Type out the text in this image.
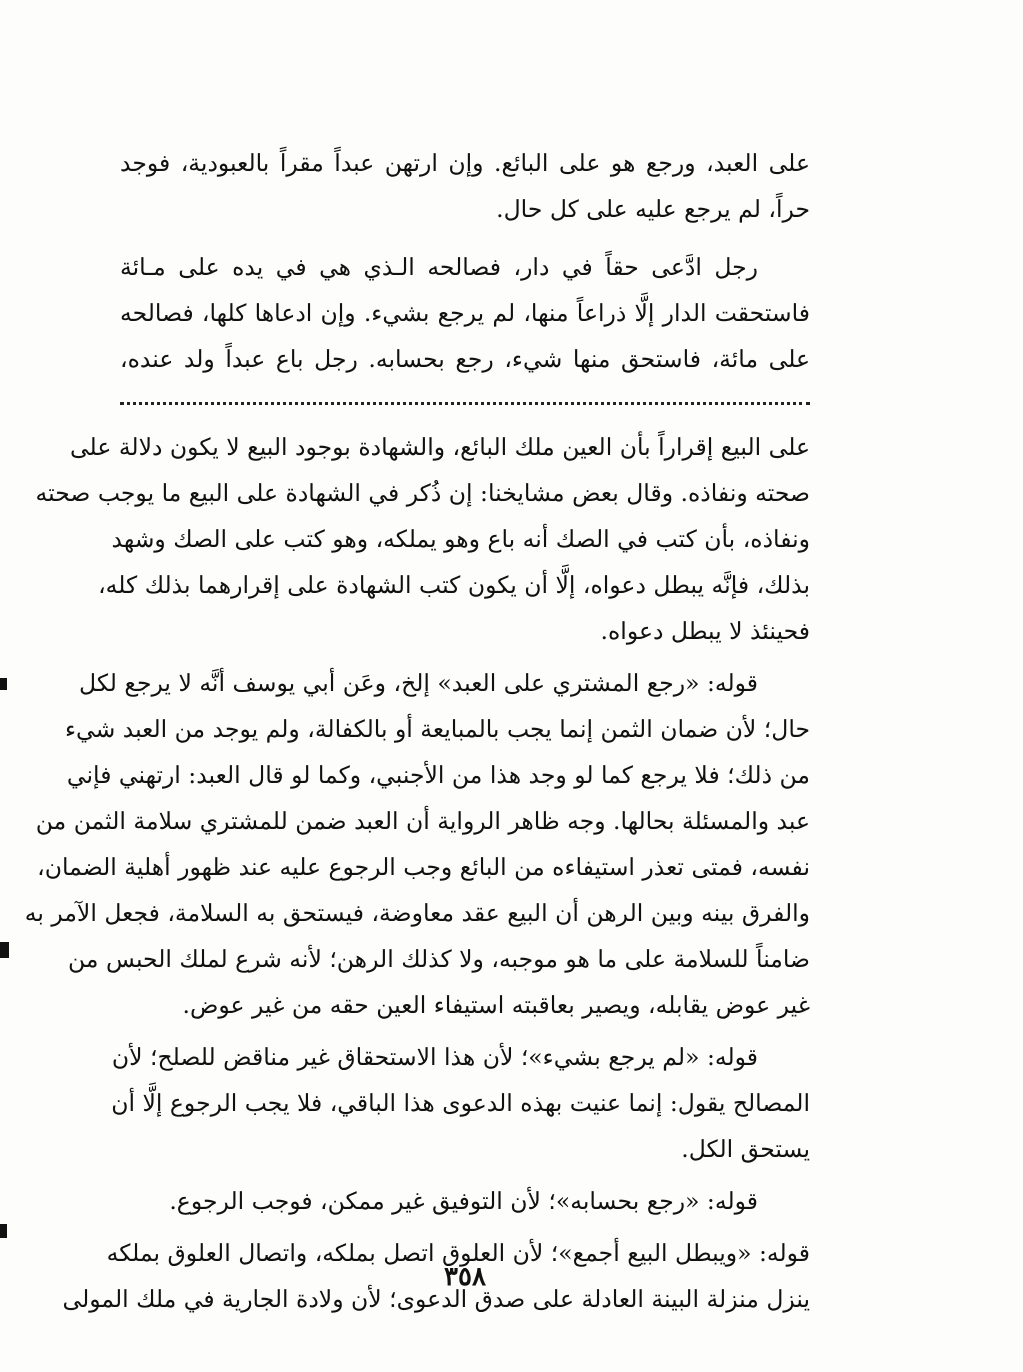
على العبد، ورجع هو على البائع. وإن ارتهن عبداً مقراً بالعبودية، فوجد
حراً، لم يرجع عليه على كل حال.
رجل ادَّعى حقاً في دار، فصالحه الـذي هي في يده على مـائة
فاستحقت الدار إلَّا ذراعاً منها، لم يرجع بشيء. وإن ادعاها كلها، فصالحه
على مائة، فاستحق منها شيء، رجع بحسابه. رجل باع عبداً ولد عنده،
على البيع إقراراً بأن العين ملك البائع، والشهادة بوجود البيع لا يكون دلالة على
صحته ونفاذه. وقال بعض مشايخنا: إن ذُكر في الشهادة على البيع ما يوجب صحته
ونفاذه، بأن كتب في الصك أنه باع وهو يملكه، وهو كتب على الصك وشهد
بذلك، فإنَّه يبطل دعواه، إلَّا أن يكون كتب الشهادة على إقرارهما بذلك كله،
فحينئذ لا يبطل دعواه.
قوله: «رجع المشتري على العبد» إلخ، وعَن أبي يوسف أنَّه لا يرجع لكل
حال؛ لأن ضمان الثمن إنما يجب بالمبايعة أو بالكفالة، ولم يوجد من العبد شيء
من ذلك؛ فلا يرجع كما لو وجد هذا من الأجنبي، وكما لو قال العبد: ارتهني فإني
عبد والمسئلة بحالها. وجه ظاهر الرواية أن العبد ضمن للمشتري سلامة الثمن من
نفسه، فمتى تعذر استيفاءه من البائع وجب الرجوع عليه عند ظهور أهلية الضمان،
والفرق بينه وبين الرهن أن البيع عقد معاوضة، فيستحق به السلامة، فجعل الآمر به
ضامناً للسلامة على ما هو موجبه، ولا كذلك الرهن؛ لأنه شرع لملك الحبس من
غير عوض يقابله، ويصير بعاقبته استيفاء العين حقه من غير عوض.
قوله: «لم يرجع بشيء»؛ لأن هذا الاستحقاق غير مناقض للصلح؛ لأن
المصالح يقول: إنما عنيت بهذه الدعوى هذا الباقي، فلا يجب الرجوع إلَّا أن
يستحق الكل.
قوله: «رجع بحسابه»؛ لأن التوفيق غير ممكن، فوجب الرجوع.
قوله: «ويبطل البيع أجمع»؛ لأن العلوق اتصل بملكه، واتصال العلوق بملكه
ينزل منزلة البينة العادلة على صدق الدعوى؛ لأن ولادة الجارية في ملك المولى
٣٥٨
